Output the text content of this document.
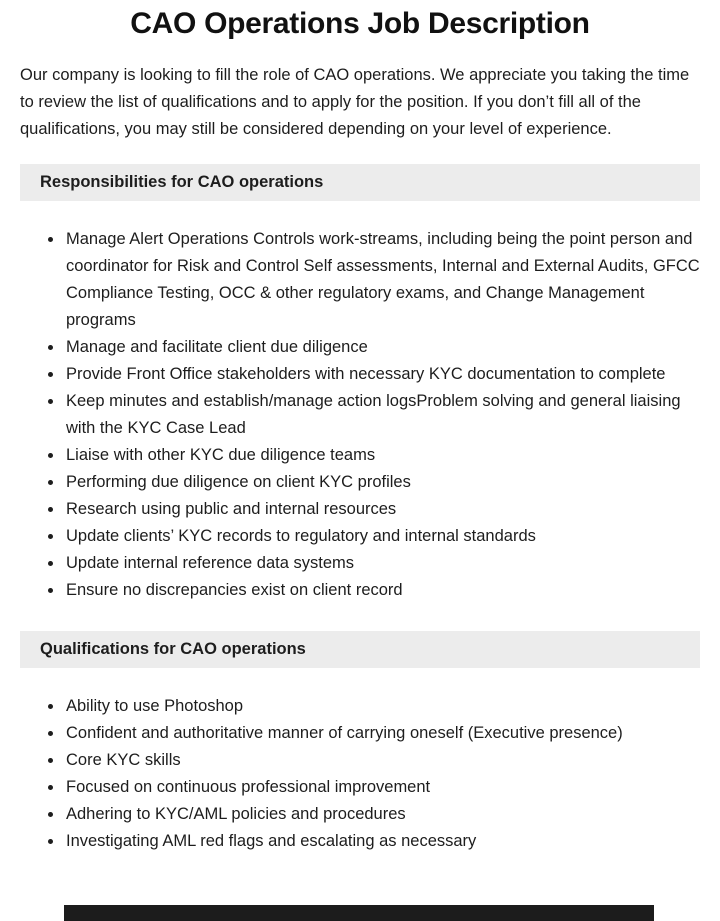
CAO Operations Job Description

Our company is looking to fill the role of CAO operations. We appreciate you taking the time to review the list of qualifications and to apply for the position. If you don’t fill all of the qualifications, you may still be considered depending on your level of experience.

Responsibilities for CAO operations
• Manage Alert Operations Controls work-streams, including being the point person and coordinator for Risk and Control Self assessments, Internal and External Audits, GFCC Compliance Testing, OCC & other regulatory exams, and Change Management programs
• Manage and facilitate client due diligence
• Provide Front Office stakeholders with necessary KYC documentation to complete
• Keep minutes and establish/manage action logsProblem solving and general liaising with the KYC Case Lead
• Liaise with other KYC due diligence teams
• Performing due diligence on client KYC profiles
• Research using public and internal resources
• Update clients’ KYC records to regulatory and internal standards
• Update internal reference data systems
• Ensure no discrepancies exist on client record
Qualifications for CAO operations
• Ability to use Photoshop
• Confident and authoritative manner of carrying oneself (Executive presence)
• Core KYC skills
• Focused on continuous professional improvement
• Adhering to KYC/AML policies and procedures
• Investigating AML red flags and escalating as necessary
